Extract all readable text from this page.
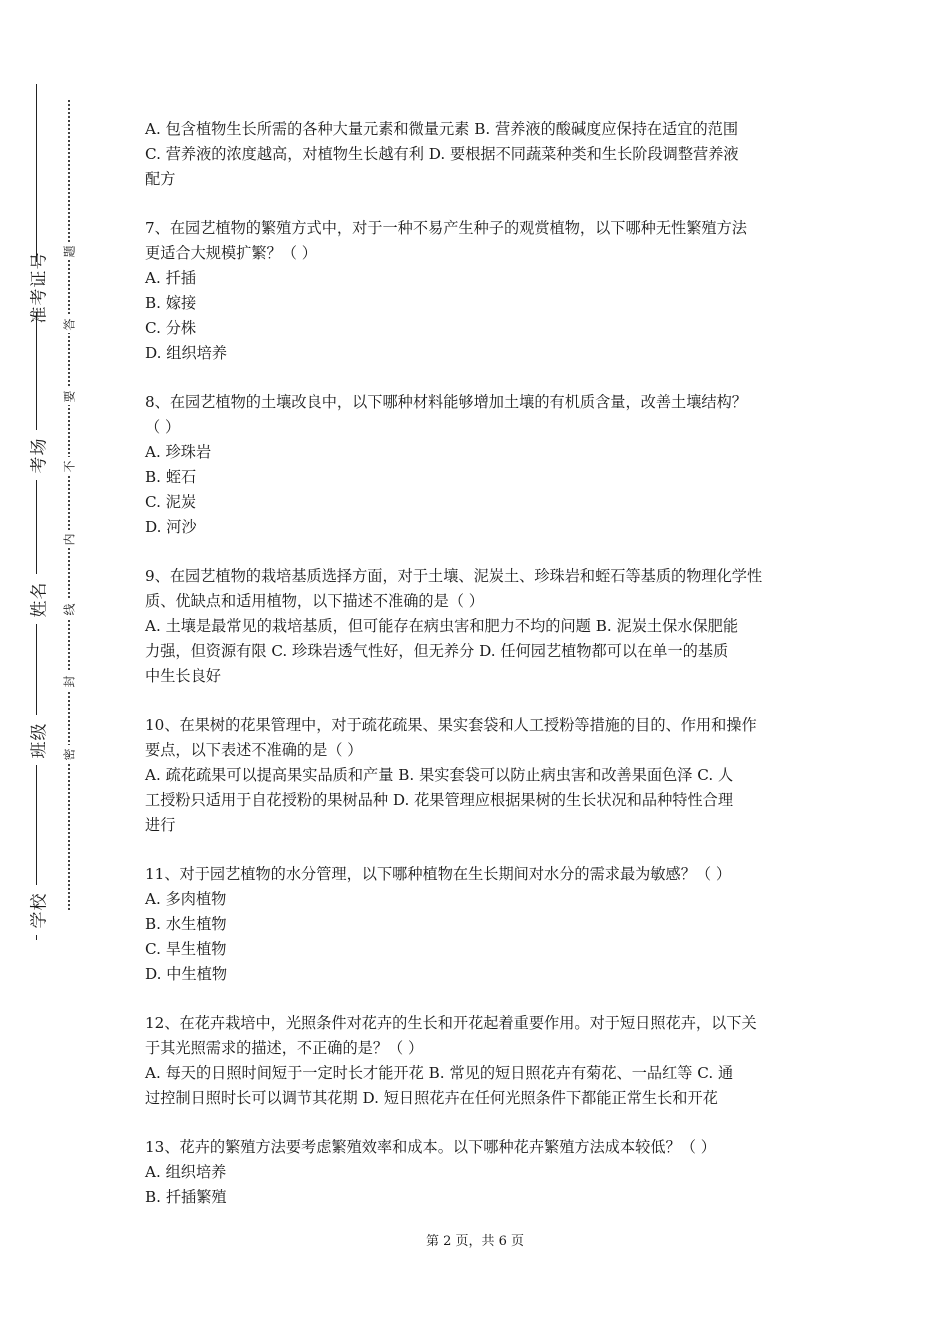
准考证号
考场
姓名
班级
学校
题
答
要
不
内
线
封
密

A. 包含植物生长所需的各种大量元素和微量元素 B. 营养液的酸碱度应保持在适宜的范围

C. 营养液的浓度越高，对植物生长越有利 D. 要根据不同蔬菜种类和生长阶段调整营养液

配方

7、在园艺植物的繁殖方式中，对于一种不易产生种子的观赏植物，以下哪种无性繁殖方法

更适合大规模扩繁？（ ）

A. 扦插

B. 嫁接

C. 分株

D. 组织培养

8、在园艺植物的土壤改良中，以下哪种材料能够增加土壤的有机质含量，改善土壤结构？

（ ）

A. 珍珠岩

B. 蛭石

C. 泥炭

D. 河沙

9、在园艺植物的栽培基质选择方面，对于土壤、泥炭土、珍珠岩和蛭石等基质的物理化学性

质、优缺点和适用植物，以下描述不准确的是（ ）

A. 土壤是最常见的栽培基质，但可能存在病虫害和肥力不均的问题 B. 泥炭土保水保肥能

力强，但资源有限 C. 珍珠岩透气性好，但无养分 D. 任何园艺植物都可以在单一的基质

中生长良好

10、在果树的花果管理中，对于疏花疏果、果实套袋和人工授粉等措施的目的、作用和操作

要点，以下表述不准确的是（ ）

A. 疏花疏果可以提高果实品质和产量 B. 果实套袋可以防止病虫害和改善果面色泽 C. 人

工授粉只适用于自花授粉的果树品种 D. 花果管理应根据果树的生长状况和品种特性合理

进行

11、对于园艺植物的水分管理，以下哪种植物在生长期间对水分的需求最为敏感？（ ）

A. 多肉植物

B. 水生植物

C. 旱生植物

D. 中生植物

12、在花卉栽培中，光照条件对花卉的生长和开花起着重要作用。对于短日照花卉，以下关

于其光照需求的描述，不正确的是？（ ）

A. 每天的日照时间短于一定时长才能开花 B. 常见的短日照花卉有菊花、一品红等 C. 通

过控制日照时长可以调节其花期 D. 短日照花卉在任何光照条件下都能正常生长和开花

13、花卉的繁殖方法要考虑繁殖效率和成本。以下哪种花卉繁殖方法成本较低？（ ）

A. 组织培养

B. 扦插繁殖

第 2 页，共 6 页
